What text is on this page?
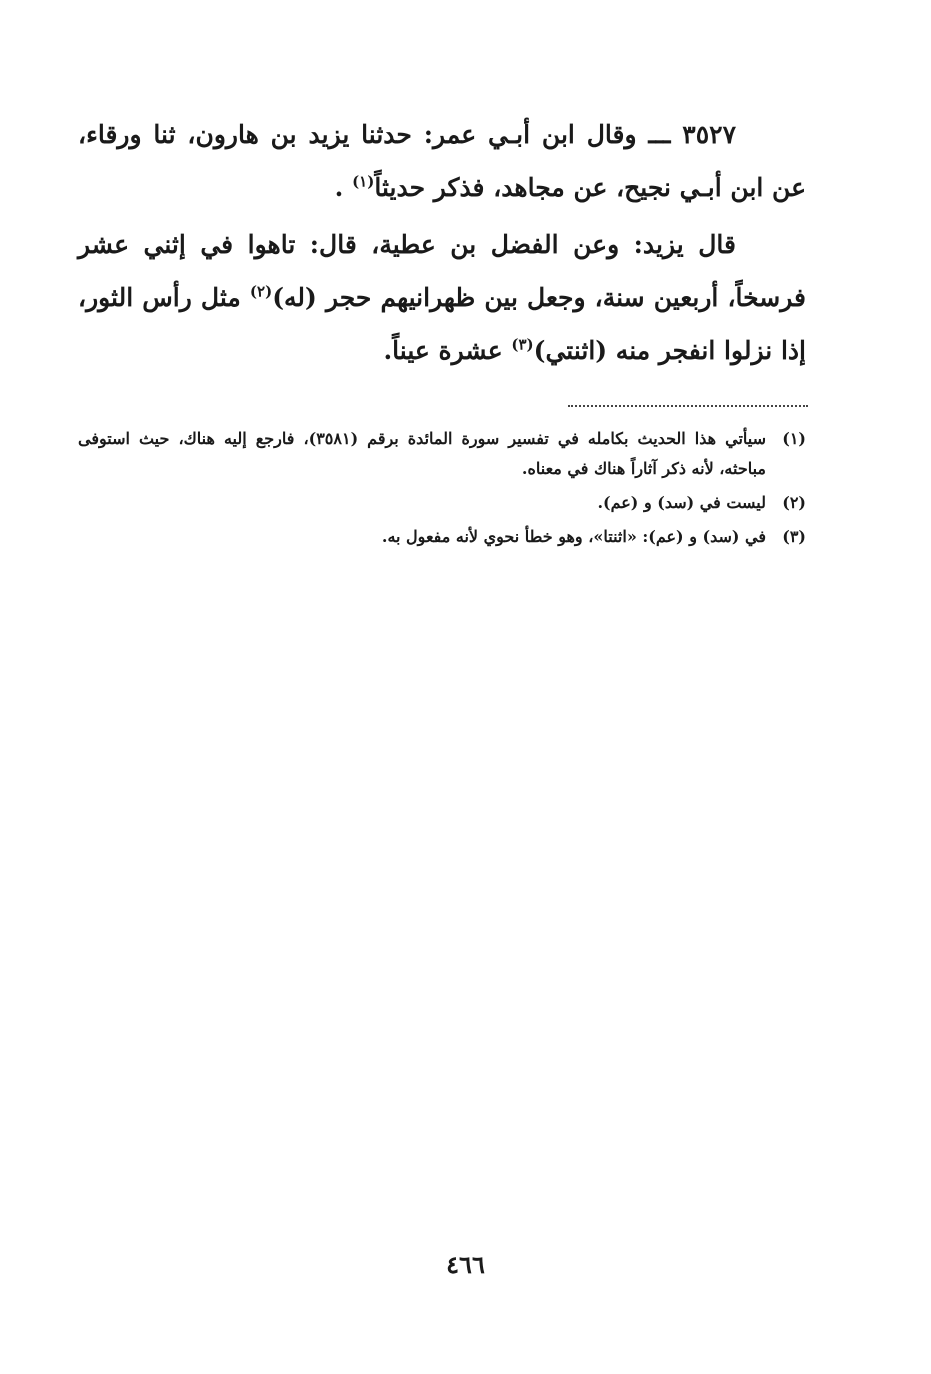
٣٥٢٧ ـــ وقال ابن أبـي عمر: حدثنا يزيد بن هارون، ثنا ورقاء، عن ابن أبـي نجيح، عن مجاهد، فذكر حديثاً$^{(١)}$ .

قال يزيد: وعن الفضل بن عطية، قال: تاهوا في إثني عشر فرسخاً، أربعين سنة، وجعل بين ظهرانيهم حجر (له)$^{(٢)}$ مثل رأس الثور، إذا نزلوا انفجر منه (اثنتي)$^{(٣)}$ عشرة عيناً.

(١)
سيأتي هذا الحديث بكامله في تفسير سورة المائدة برقم (٣٥٨١)، فارجع إليه هناك، حيث استوفى مباحثه، لأنه ذكر آثاراً هناك في معناه.
(٢)
ليست في (سد) و (عم).
(٣)
في (سد) و (عم): «اثنتا»، وهو خطأ نحوي لأنه مفعول به.
٤٦٦
